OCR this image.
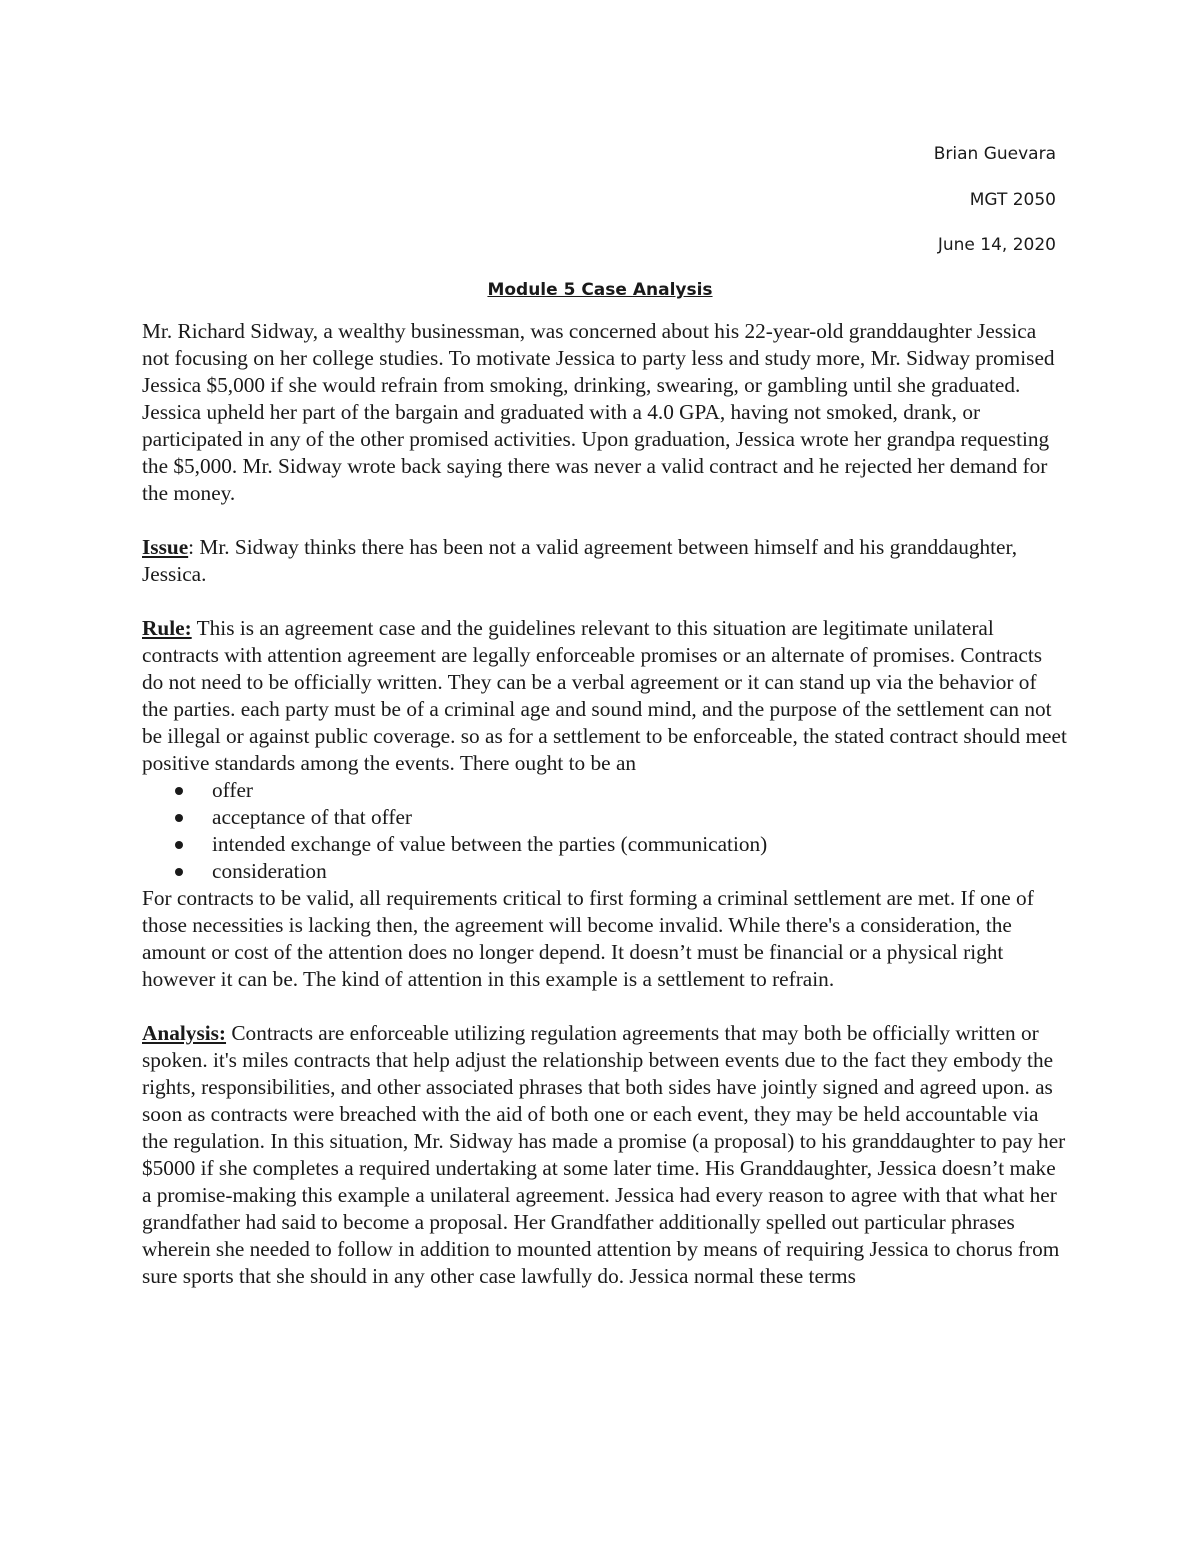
Brian Guevara
MGT 2050
June 14, 2020
Module 5 Case Analysis

Mr. Richard Sidway, a wealthy businessman, was concerned about his 22-year-old granddaughter Jessica not focusing on her college studies. To motivate Jessica to party less and study more, Mr. Sidway promised Jessica $5,000 if she would refrain from smoking, drinking, swearing, or gambling until she graduated. Jessica upheld her part of the bargain and graduated with a 4.0 GPA, having not smoked, drank, or participated in any of the other promised activities. Upon graduation, Jessica wrote her grandpa requesting the $5,000. Mr. Sidway wrote back saying there was never a valid contract and he rejected her demand for the money.

Issue: Mr. Sidway thinks there has been not a valid agreement between himself and his granddaughter, Jessica.

Rule: This is an agreement case and the guidelines relevant to this situation are legitimate unilateral contracts with attention agreement are legally enforceable promises or an alternate of promises. Contracts do not need to be officially written. They can be a verbal agreement or it can stand up via the behavior of the parties. each party must be of a criminal age and sound mind, and the purpose of the settlement can not be illegal or against public coverage. so as for a settlement to be enforceable, the stated contract should meet positive standards among the events. There ought to be an

offer
acceptance of that offer
intended exchange of value between the parties (communication)
consideration

For contracts to be valid, all requirements critical to first forming a criminal settlement are met. If one of those necessities is lacking then, the agreement will become invalid. While there's a consideration, the amount or cost of the attention does no longer depend. It doesn’t must be financial or a physical right however it can be. The kind of attention in this example is a settlement to refrain.

Analysis: Contracts are enforceable utilizing regulation agreements that may both be officially written or spoken. it's miles contracts that help adjust the relationship between events due to the fact they embody the rights, responsibilities, and other associated phrases that both sides have jointly signed and agreed upon. as soon as contracts were breached with the aid of both one or each event, they may be held accountable via the regulation. In this situation, Mr. Sidway has made a promise (a proposal) to his granddaughter to pay her $5000 if she completes a required undertaking at some later time. His Granddaughter, Jessica doesn’t make a promise-making this example a unilateral agreement. Jessica had every reason to agree with that what her grandfather had said to become a proposal. Her Grandfather additionally spelled out particular phrases wherein she needed to follow in addition to mounted attention by means of requiring Jessica to chorus from sure sports that she should in any other case lawfully do. Jessica normal these terms
